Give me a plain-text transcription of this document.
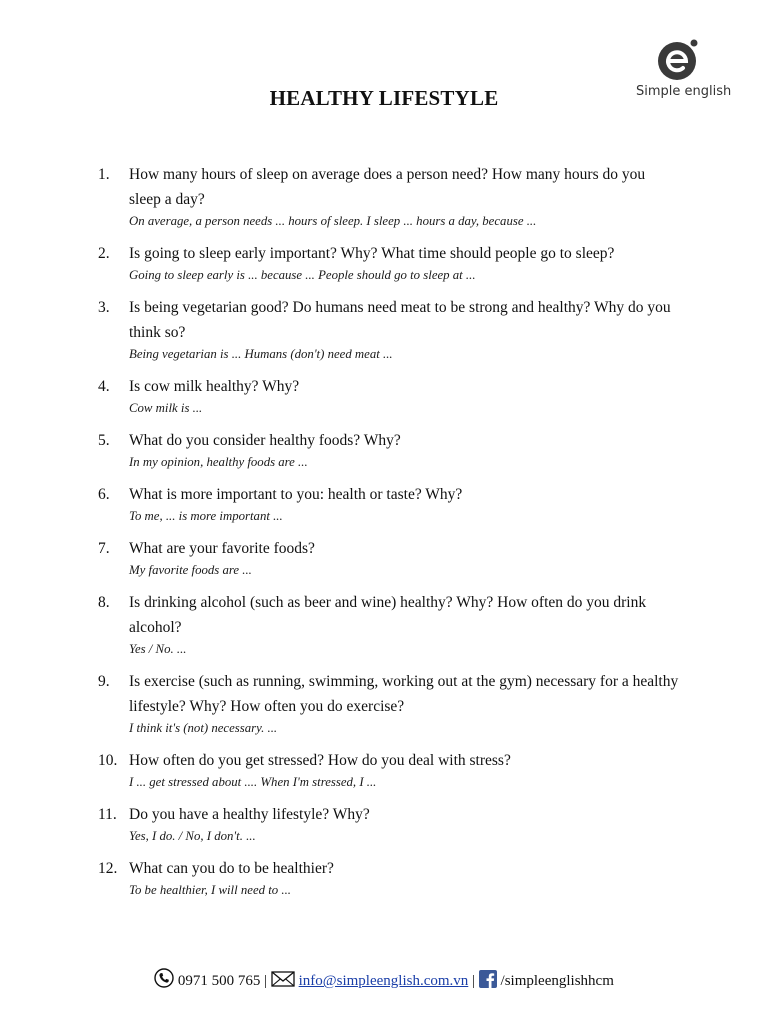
Simple english
HEALTHY LIFESTYLE
1.	How many hours of sleep on average does a person need? How many hours do you sleep a day?
On average, a person needs ... hours of sleep. I sleep ... hours a day, because ...
2.	Is going to sleep early important? Why? What time should people go to sleep?
Going to sleep early is ... because ... People should go to sleep at ...
3.	Is being vegetarian good? Do humans need meat to be strong and healthy? Why do you think so?
Being vegetarian is ... Humans (don't) need meat ...
4.	Is cow milk healthy? Why?
Cow milk is ...
5.	What do you consider healthy foods? Why?
In my opinion, healthy foods are ...
6.	What is more important to you: health or taste? Why?
To me, ... is more important ...
7.	What are your favorite foods?
My favorite foods are ...
8.	Is drinking alcohol (such as beer and wine) healthy? Why? How often do you drink alcohol?
Yes / No. ...
9.	Is exercise (such as running, swimming, working out at the gym) necessary for a healthy lifestyle? Why? How often you do exercise?
I think it's (not) necessary. ...
10. How often do you get stressed? How do you deal with stress?
I ... get stressed about .... When I'm stressed, I ...
11. Do you have a healthy lifestyle? Why?
Yes, I do. / No, I don't. ...
12. What can you do to be healthier?
To be healthier, I will need to ...
0971 500 765 | info@simpleenglish.com.vn | /simpleenglishhcm
